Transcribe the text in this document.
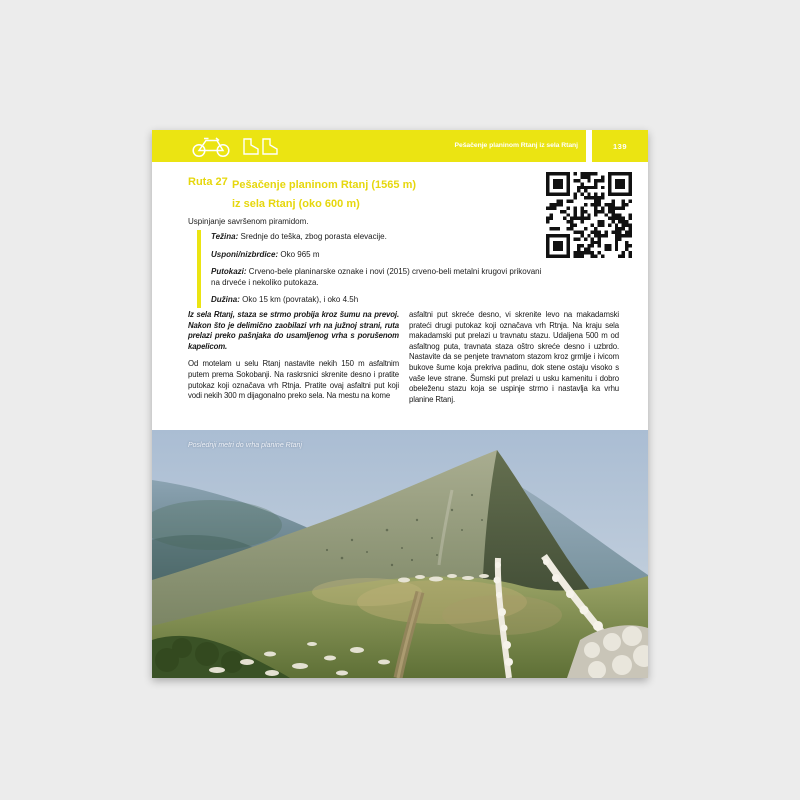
Pešačenje planinom Rtanj iz sela Rtanj	139
Ruta 27 Pešačenje planinom Rtanj (1565 m)
iz sela Rtanj (oko 600 m)
Uspinjanje savršenom piramidom.

Težina: Srednje do teška, zbog porasta elevacije.

Usponi/nizbrdice: Oko 965 m

Putokazi: Crveno-bele planinarske oznake i novi (2015) crveno-beli metalni krugovi prikovani na drveće i nekoliko putokaza.

Dužina: Oko 15 km (povratak), i oko 4.5h

Iz sela Rtanj, staza se strmo probija kroz šumu na prevoj. Nakon što je delimično zaobilazi vrh na južnoj strani, ruta prelazi preko pašnjaka do usamljenog vrha s porušenom kapelicom.

Od motelam u selu Rtanj nastavite nekih 150 m asfaltnim putem prema Sokobanji. Na raskrsnici skrenite desno i pratite putokaz koji označava vrh Rtnja. Pratite ovaj asfaltni put koji vodi nekih 300 m dijagonalno preko sela. Na mestu na kome

asfaltni put skreće desno, vi skrenite levo na makadamski prateći drugi putokaz koji označava vrh Rtnja. Na kraju sela makadamski put prelazi u travnatu stazu. Udaljena 500 m od asfaltnog puta, travnata staza oštro skreće desno i uzbrdo. Nastavite da se penjete travnatom stazom kroz grmlje i ivicom bukove šume koja prekriva padinu, dok stene ostaju visoko s vaše leve strane. Šumski put prelazi u usku kamenitu i dobro obeleženu stazu koja se uspinje strmo i nastavlja ka vrhu planine Rtanj.

Poslednji metri do vrha planine Rtanj
